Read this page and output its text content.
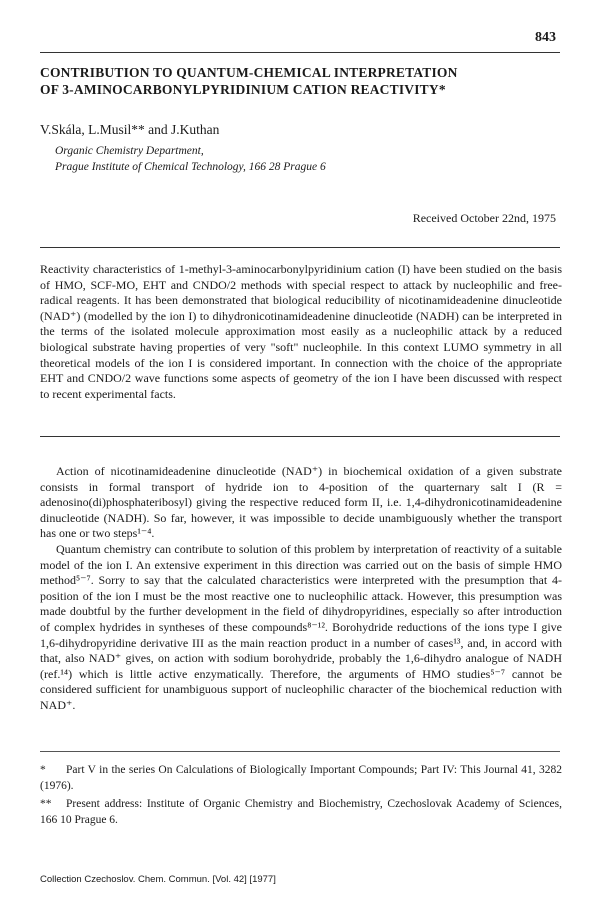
843
CONTRIBUTION TO QUANTUM-CHEMICAL INTERPRETATION
OF 3-AMINOCARBONYLPYRIDINIUM CATION REACTIVITY*
V.Skála, L.Musil** and J.Kuthan
Organic Chemistry Department,
Prague Institute of Chemical Technology, 166 28 Prague 6
Received October 22nd, 1975

Reactivity characteristics of 1-methyl-3-aminocarbonylpyridinium cation (I) have been studied on the basis of HMO, SCF-MO, EHT and CNDO/2 methods with special respect to attack by nucleophilic and free-radical reagents. It has been demonstrated that biological reducibility of nicotinamideadenine dinucleotide (NAD⁺) (modelled by the ion I) to dihydronicotinamideadenine dinucleotide (NADH) can be interpreted in the terms of the isolated molecule approximation most easily as a nucleophilic attack by a reduced biological substrate having properties of very "soft" nucleophile. In this context LUMO symmetry in all theoretical models of the ion I is considered important. In connection with the choice of the appropriate EHT and CNDO/2 wave functions some aspects of geometry of the ion I have been discussed with respect to recent experimental facts.

Action of nicotinamideadenine dinucleotide (NAD⁺) in biochemical oxidation of a given substrate consists in formal transport of hydride ion to 4-position of the quarternary salt I (R = adenosino(di)phosphateribosyl) giving the respective reduced form II, i.e. 1,4-dihydronicotinamideadenine dinucleotide (NADH). So far, however, it was impossible to decide unambiguously whether the transport has one or two steps¹⁻⁴.

Quantum chemistry can contribute to solution of this problem by interpretation of reactivity of a suitable model of the ion I. An extensive experiment in this direction was carried out on the basis of simple HMO method⁵⁻⁷. Sorry to say that the calculated characteristics were interpreted with the presumption that 4-position of the ion I must be the most reactive one to nucleophilic attack. However, this presumption was made doubtful by the further development in the field of dihydropyridines, especially so after introduction of complex hydrides in syntheses of these compounds⁸⁻¹². Borohydride reductions of the ions type I give 1,6-dihydropyridine derivative III as the main reaction product in a number of cases¹³, and, in accord with that, also NAD⁺ gives, on action with sodium borohydride, probably the 1,6-dihydro analogue of NADH (ref.¹⁴) which is little active enzymatically. Therefore, the arguments of HMO studies⁵⁻⁷ cannot be considered sufficient for unambiguous support of nucleophilic character of the biochemical reduction with NAD⁺.

* Part V in the series On Calculations of Biologically Important Compounds; Part IV: This Journal 41, 3282 (1976).

** Present address: Institute of Organic Chemistry and Biochemistry, Czechoslovak Academy of Sciences, 166 10 Prague 6.

Collection Czechoslov. Chem. Commun. [Vol. 42] [1977]
